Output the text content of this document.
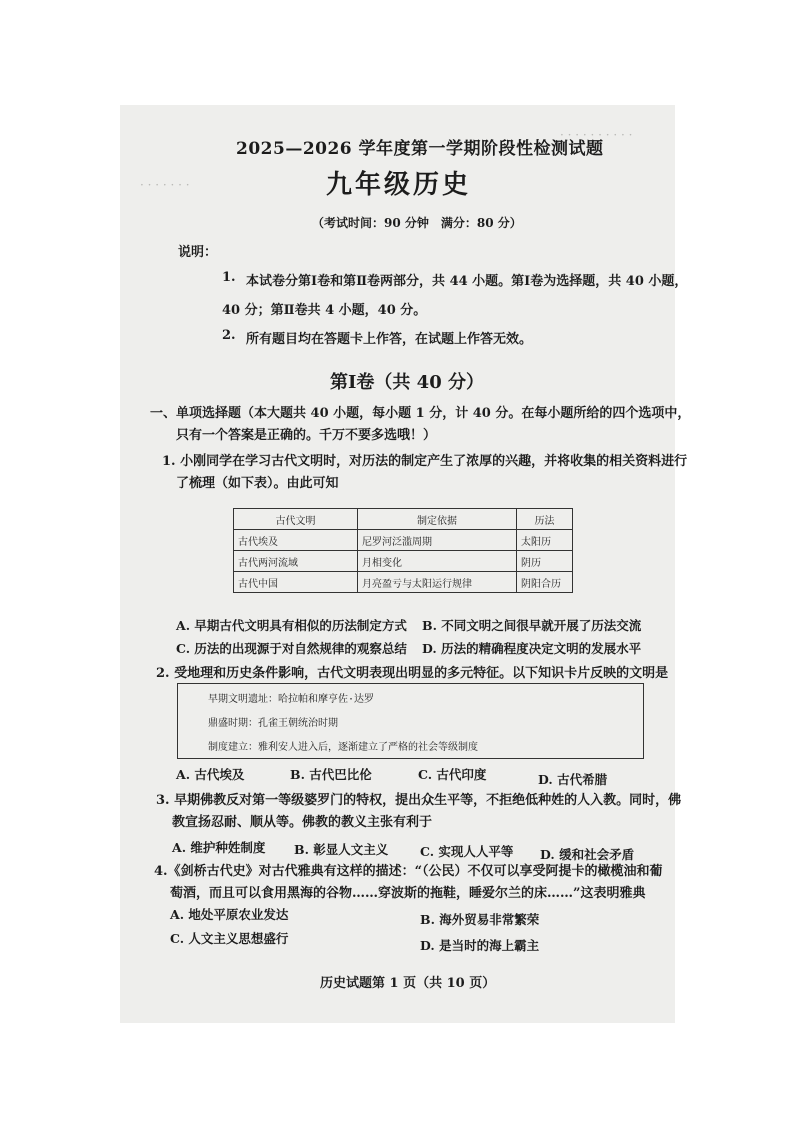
· · · · · · · · · ·
· · · · · · ·
2025—2026 学年度第一学期阶段性检测试题
九年级历史
（考试时间：90 分钟　满分：80 分）
说明：
1. 本试卷分第Ⅰ卷和第Ⅱ卷两部分，共 44 小题。第Ⅰ卷为选择题，共 40 小题，
40 分；第Ⅱ卷共 4 小题，40 分。
2. 所有题目均在答题卡上作答，在试题上作答无效。
第Ⅰ卷（共 40 分）
一、单项选择题（本大题共 40 小题，每小题 1 分，计 40 分。在每小题所给的四个选项中，
只有一个答案是正确的。千万不要多选哦！）
1. 小刚同学在学习古代文明时，对历法的制定产生了浓厚的兴趣，并将收集的相关资料进行
了梳理（如下表）。由此可知
古代文明	制定依据	历法
古代埃及	尼罗河泛滥周期	太阳历
古代两河流域	月相变化	阴历
古代中国	月亮盈亏与太阳运行规律	阴阳合历
A. 早期古代文明具有相似的历法制定方式 B. 不同文明之间很早就开展了历法交流
C. 历法的出现源于对自然规律的观察总结 D. 历法的精确程度决定文明的发展水平
2. 受地理和历史条件影响，古代文明表现出明显的多元特征。以下知识卡片反映的文明是
早期文明遗址：哈拉帕和摩亨佐·达罗
鼎盛时期：孔雀王朝统治时期
制度建立：雅利安人进入后，逐渐建立了严格的社会等级制度
A. 古代埃及	B. 古代巴比伦	C. 古代印度	D. 古代希腊
3. 早期佛教反对第一等级婆罗门的特权，提出众生平等，不拒绝低种姓的人入教。同时，佛
教宣扬忍耐、顺从等。佛教的教义主张有利于
A. 维护种姓制度 B. 彰显人文主义	C. 实现人人平等 D. 缓和社会矛盾
4.《剑桥古代史》对古代雅典有这样的描述：“（公民）不仅可以享受阿提卡的橄榄油和葡
萄酒，而且可以食用黑海的谷物……穿波斯的拖鞋，睡爱尔兰的床……”这表明雅典
A. 地处平原农业发达	B. 海外贸易非常繁荣
C. 人文主义思想盛行	D. 是当时的海上霸主
历史试题第 1 页（共 10 页）
